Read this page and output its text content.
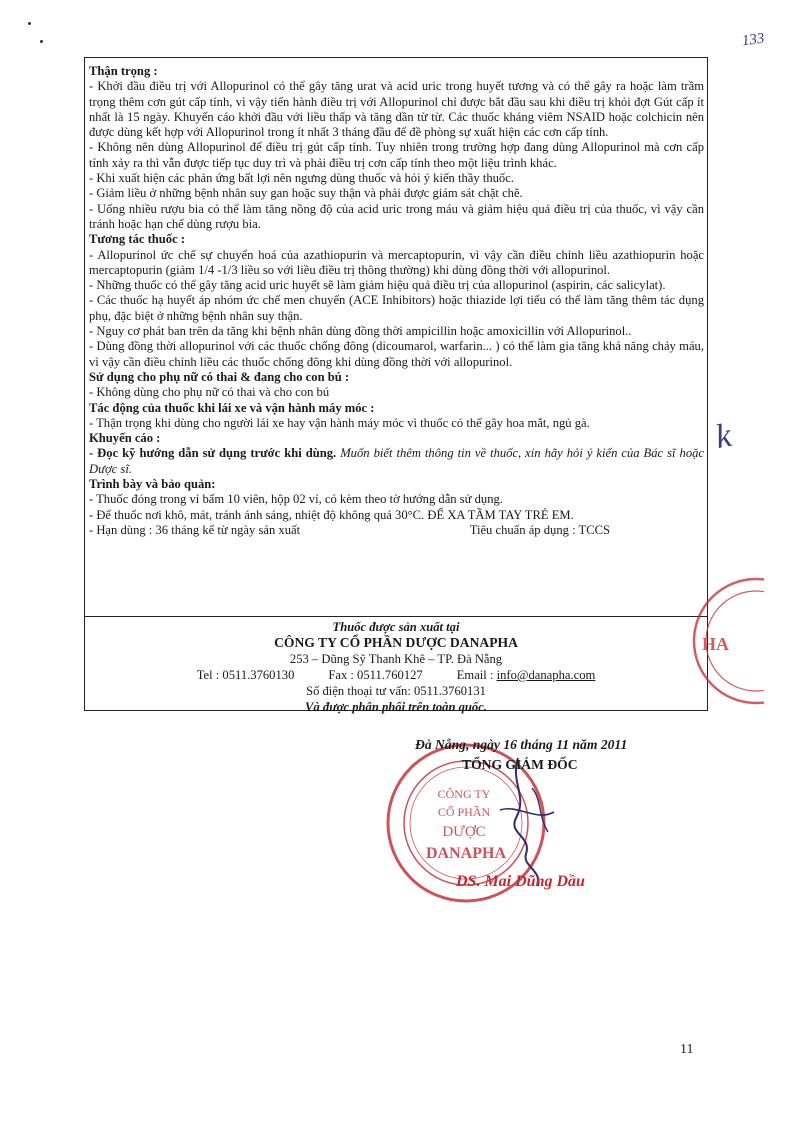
133
k

Thận trọng :

- Khởi đầu điều trị với Allopurinol có thể gây tăng urat và acid uric trong huyết tương và có thể gây ra hoặc làm trầm trọng thêm cơn gút cấp tính, vì vậy tiến hành điều trị với Allopurinol chỉ được bắt đầu sau khi điều trị khỏi đợt Gút cấp ít nhất là 15 ngày. Khuyến cáo khởi đầu với liều thấp và tăng dần từ từ. Các thuốc kháng viêm NSAID hoặc colchicin nên được dùng kết hợp với Allopurinol trong ít nhất 3 tháng đầu để đề phòng sự xuất hiện các cơn cấp tính.

- Không nên dùng Allopurinol để điều trị gút cấp tính. Tuy nhiên trong trường hợp đang dùng Allopurinol mà cơn cấp tính xảy ra thì vẫn được tiếp tục duy trì và phải điều trị cơn cấp tính theo một liệu trình khác.

- Khi xuất hiện các phản ứng bất lợi nên ngưng dùng thuốc và hỏi ý kiến thầy thuốc.

- Giảm liều ở những bệnh nhân suy gan hoặc suy thận và phải được giám sát chặt chẽ.

- Uống nhiều rượu bia có thể làm tăng nồng độ của acid uric trong máu và giảm hiệu quả điều trị của thuốc, vì vậy cần tránh hoặc hạn chế dùng rượu bia.

Tương tác thuốc :

- Allopurinol ức chế sự chuyển hoá của azathiopurin và mercaptopurin, vì vậy cần điều chỉnh liều azathiopurin hoặc mercaptopurin (giảm 1/4 -1/3 liều so với liều điều trị thông thường) khi dùng đồng thời với allopurinol.

- Những thuốc có thể gây tăng acid uric huyết sẽ làm giảm hiệu quả điều trị của allopurinol (aspirin, các salicylat).

- Các thuốc hạ huyết áp nhóm ức chế men chuyển (ACE Inhibitors) hoặc thiazide lợi tiểu có thể làm tăng thêm tác dụng phụ, đặc biệt ở những bệnh nhân suy thận.

- Nguy cơ phát ban trên da tăng khi bệnh nhân dùng đồng thời ampicillin hoặc amoxicillin với Allopurinol..

- Dùng đồng thời allopurinol với các thuốc chống đông (dicoumarol, warfarin... ) có thể làm gia tăng khả năng chảy máu, vì vậy cần điều chỉnh liều các thuốc chống đông khi dùng đồng thời với allopurinol.

Sử dụng cho phụ nữ có thai & đang cho con bú :

- Không dùng cho phụ nữ có thai và cho con bú

Tác động của thuốc khi lái xe và vận hành máy móc :

- Thận trọng khi dùng cho người lái xe hay vận hành máy móc vì thuốc có thể gây hoa mắt, ngủ gà.

Khuyến cáo :

- Đọc kỹ hướng dẫn sử dụng trước khi dùng. Muốn biết thêm thông tin về thuốc, xin hãy hỏi ý kiến của Bác sĩ hoặc Dược sĩ.

Trình bày và bảo quản:

- Thuốc đóng trong vỉ bấm 10 viên, hộp 02 vỉ, có kèm theo tờ hướng dẫn sử dụng.

- Để thuốc nơi khô, mát, tránh ánh sáng, nhiệt độ không quá 30°C. ĐỂ XA TẦM TAY TRẺ EM.

- Hạn dùng : 36 tháng kể từ ngày sản xuất	Tiêu chuẩn áp dụng : TCCS

Thuốc được sản xuất tại
CÔNG TY CỔ PHẦN DƯỢC DANAPHA
253 – Dũng Sỹ Thanh Khê – TP. Đà Nẵng
Tel : 0511.3760130	Fax : 0511.760127	Email : info@danapha.com
Số điện thoại tư vấn: 0511.3760131
Và được phân phối trên toàn quốc.
HA
CÔNG TY CỔ PHẦN DƯỢC DANAPHA
Đà Nẵng, ngày 16 tháng 11 năm 2011
TỔNG GIÁM ĐỐC
DS. Mai Dũng Dầu
11
